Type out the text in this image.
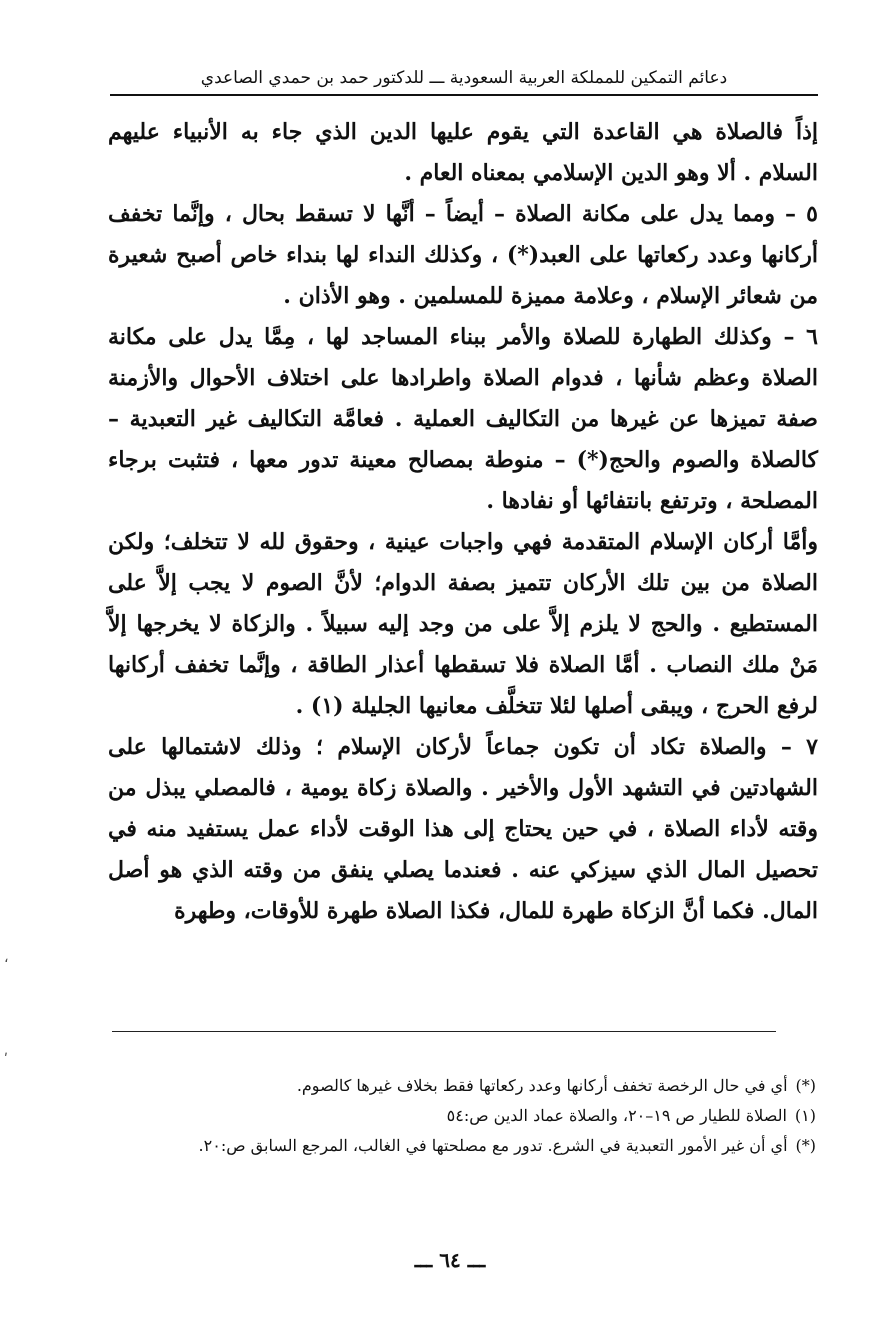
دعائم التمكين للمملكة العربية السعودية ـــ للدكتور حمد بن حمدي الصاعدي

إذاً فالصلاة هي القاعدة التي يقوم عليها الدين الذي جاء به الأنبياء عليهم السلام . ألا وهو الدين الإسلامي بمعناه العام .

٥ – ومما يدل على مكانة الصلاة – أيضاً – أنَّها لا تسقط بحال ، وإنَّما تخفف أركانها وعدد ركعاتها على العبد(*) ، وكذلك النداء لها بنداء خاص أصبح شعيرة من شعائر الإسلام ، وعلامة مميزة للمسلمين . وهو الأذان .

٦ – وكذلك الطهارة للصلاة والأمر ببناء المساجد لها ، مِمَّا يدل على مكانة الصلاة وعظم شأنها ، فدوام الصلاة واطرادها على اختلاف الأحوال والأزمنة صفة تميزها عن غيرها من التكاليف العملية . فعامَّة التكاليف غير التعبدية – كالصلاة والصوم والحج(*) – منوطة بمصالح معينة تدور معها ، فتثبت برجاء المصلحة ، وترتفع بانتفائها أو نفادها .

وأمَّا أركان الإسلام المتقدمة فهي واجبات عينية ، وحقوق لله لا تتخلف؛ ولكن الصلاة من بين تلك الأركان تتميز بصفة الدوام؛ لأنَّ الصوم لا يجب إلاَّ على المستطيع . والحج لا يلزم إلاَّ على من وجد إليه سبيلاً . والزكاة لا يخرجها إلاَّ مَنْ ملك النصاب . أمَّا الصلاة فلا تسقطها أعذار الطاقة ، وإنَّما تخفف أركانها لرفع الحرج ، ويبقى أصلها لئلا تتخلَّف معانيها الجليلة (١) .

٧ – والصلاة تكاد أن تكون جماعاً لأركان الإسلام ؛ وذلك لاشتمالها على الشهادتين في التشهد الأول والأخير . والصلاة زكاة يومية ، فالمصلي يبذل من وقته لأداء الصلاة ، في حين يحتاج إلى هذا الوقت لأداء عمل يستفيد منه في تحصيل المال الذي سيزكي عنه . فعندما يصلي ينفق من وقته الذي هو أصل المال. فكما أنَّ الزكاة طهرة للمال، فكذا الصلاة طهرة للأوقات، وطهرة

(*)أي في حال الرخصة تخفف أركانها وعدد ركعاتها فقط بخلاف غيرها كالصوم.

(١)الصلاة للطيار ص ١٩–٢٠، والصلاة عماد الدين ص:٥٤

(*)أي أن غير الأمور التعبدية في الشرع. تدور مع مصلحتها في الغالب، المرجع السابق ص:٢٠.

ـــ ٦٤ ـــ
،
ʹ
